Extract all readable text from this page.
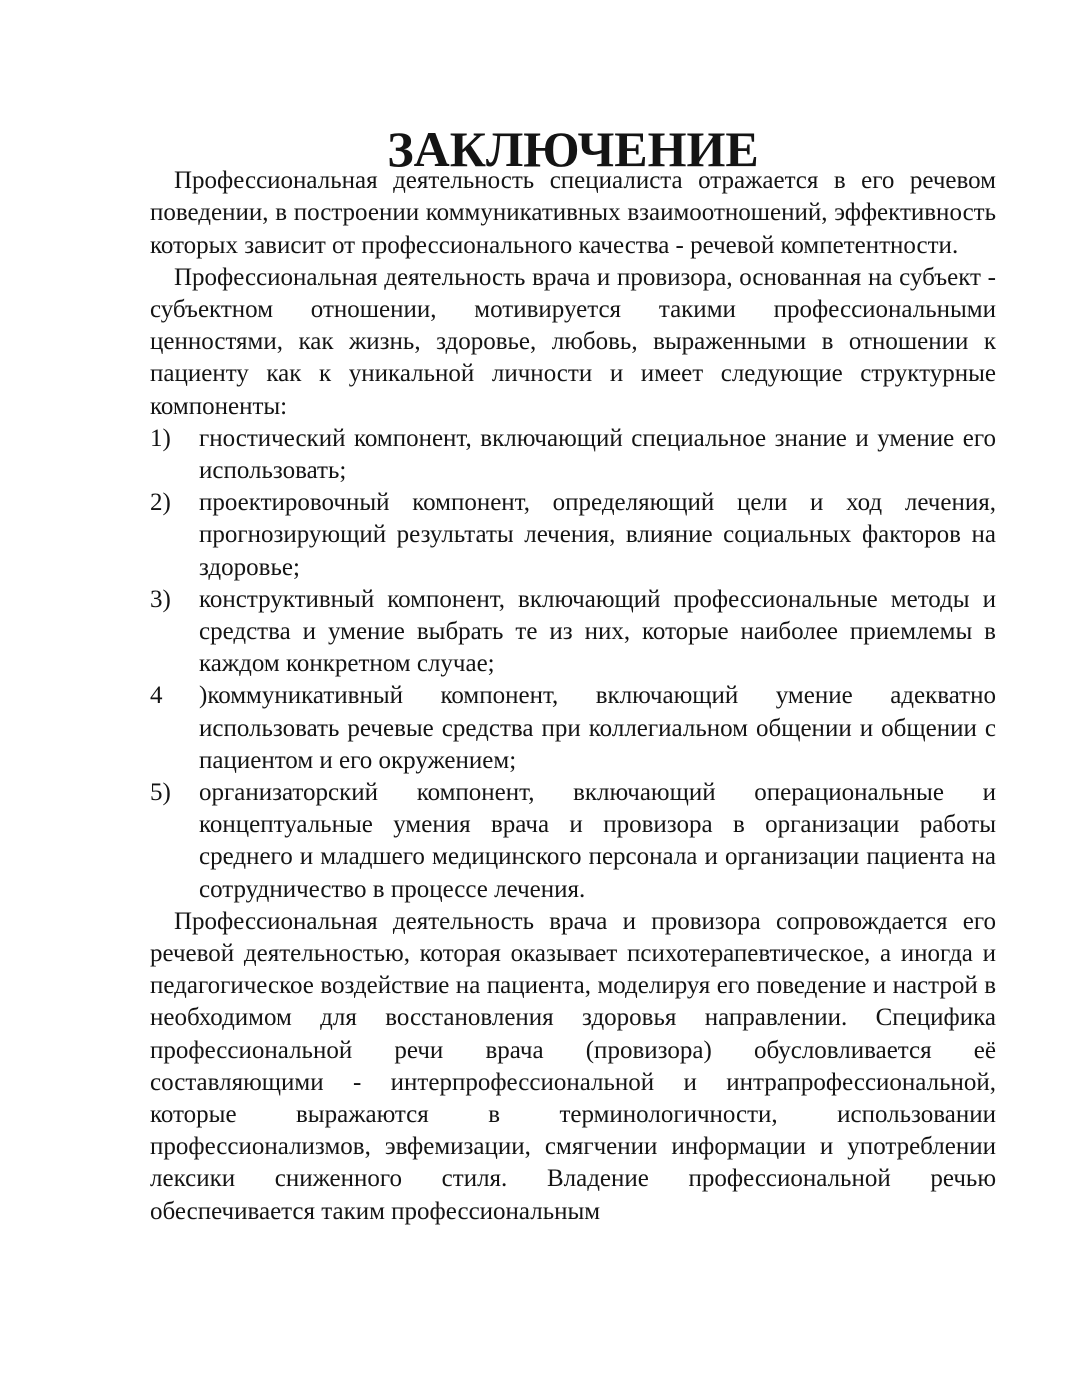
ЗАКЛЮЧЕНИЕ

Профессиональная деятельность специалиста отражается в его речевом поведении, в построении коммуникативных взаимоотношений, эффективность которых зависит от профессионального качества - речевой компетентности.

Профессиональная деятельность врача и провизора, основанная на субъект - субъектном отношении, мотивируется такими профессиональными ценностями, как жизнь, здоровье, любовь, выраженными в отношении к пациенту как к уникальной личности и имеет следующие структурные компоненты:

1) гностический компонент, включающий специальное знание и умение его использовать;
2) проектировочный компонент, определяющий цели и ход лечения, прогнозирующий результаты лечения, влияние социальных факторов на здоровье;
3) конструктивный компонент, включающий профессиональные методы и средства и умение выбрать те из них, которые наиболее приемлемы в каждом конкретном случае;
4 )коммуникативный компонент, включающий умение адекватно использовать речевые средства при коллегиальном общении и общении с пациентом и его окружением;
5) организаторский компонент, включающий операциональные и концептуальные умения врача и провизора в организации работы среднего и младшего медицинского персонала и организации пациента на сотрудничество в процессе лечения.

Профессиональная деятельность врача и провизора сопровождается его речевой деятельностью, которая оказывает психотерапевтическое, а иногда и педагогическое воздействие на пациента, моделируя его поведение и настрой в необходимом для восстановления здоровья направлении. Специфика профессиональной речи врача (провизора) обусловливается её составляющими - интерпрофессиональной и интрапрофессиональной, которые выражаются в терминологичности, использовании профессионализмов, эвфемизации, смягчении информации и употреблении лексики сниженного стиля. Владение профессиональной речью обеспечивается таким профессиональным
